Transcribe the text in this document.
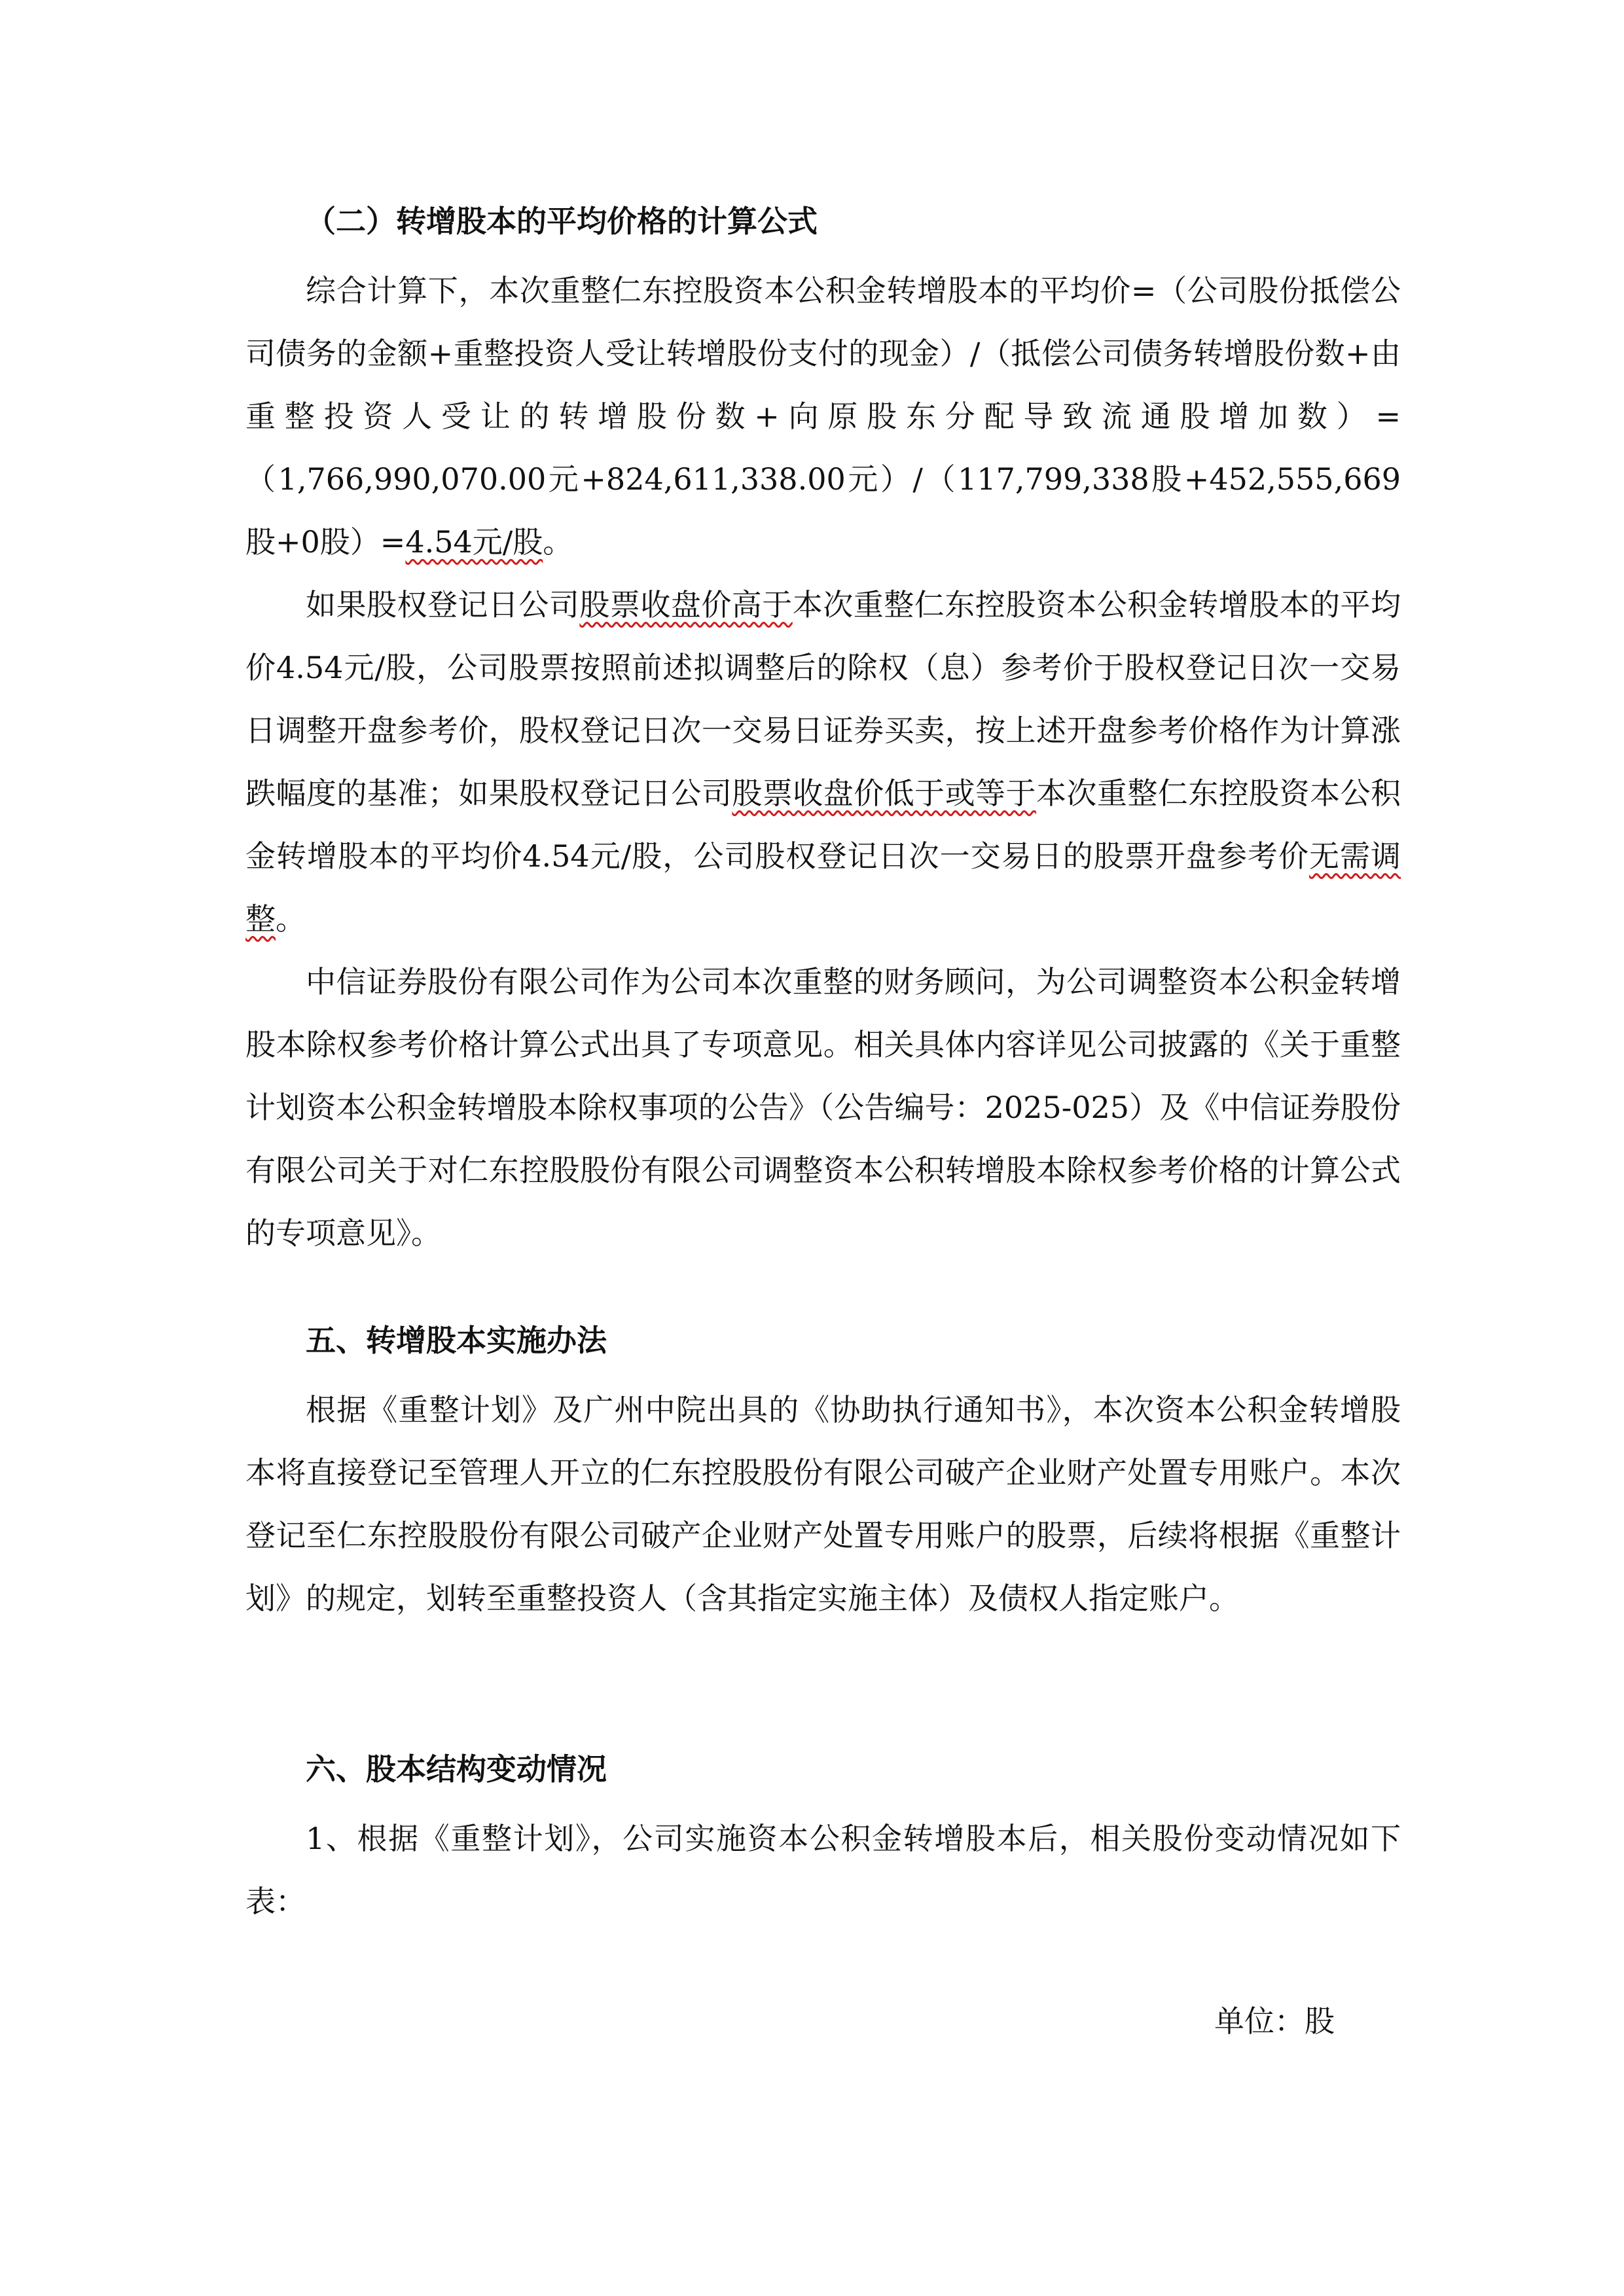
（二）转增股本的平均价格的计算公式

综合计算下，本次重整仁东控股资本公积金转增股本的平均价=（公司股份抵偿公司债务的金额+重整投资人受让转增股份支付的现金）/（抵偿公司债务转增股份数+由重整投资人受让的转增股份数+向原股东分配导致流通股增加数）=（1,766,990,070.00元+824,611,338.00元）/（117,799,338股+452,555,669股+0股）=4.54元/股。

如果股权登记日公司股票收盘价高于本次重整仁东控股资本公积金转增股本的平均价4.54元/股，公司股票按照前述拟调整后的除权（息）参考价于股权登记日次一交易日调整开盘参考价，股权登记日次一交易日证券买卖，按上述开盘参考价格作为计算涨跌幅度的基准；如果股权登记日公司股票收盘价低于或等于本次重整仁东控股资本公积金转增股本的平均价4.54元/股，公司股权登记日次一交易日的股票开盘参考价无需调整。

中信证券股份有限公司作为公司本次重整的财务顾问，为公司调整资本公积金转增股本除权参考价格计算公式出具了专项意见。相关具体内容详见公司披露的《关于重整计划资本公积金转增股本除权事项的公告》（公告编号：2025-025）及《中信证券股份有限公司关于对仁东控股股份有限公司调整资本公积转增股本除权参考价格的计算公式的专项意见》。

五、转增股本实施办法

根据《重整计划》及广州中院出具的《协助执行通知书》，本次资本公积金转增股本将直接登记至管理人开立的仁东控股股份有限公司破产企业财产处置专用账户。本次登记至仁东控股股份有限公司破产企业财产处置专用账户的股票，后续将根据《重整计划》的规定，划转至重整投资人（含其指定实施主体）及债权人指定账户。

六、股本结构变动情况

1、根据《重整计划》，公司实施资本公积金转增股本后，相关股份变动情况如下表：

单位：股
